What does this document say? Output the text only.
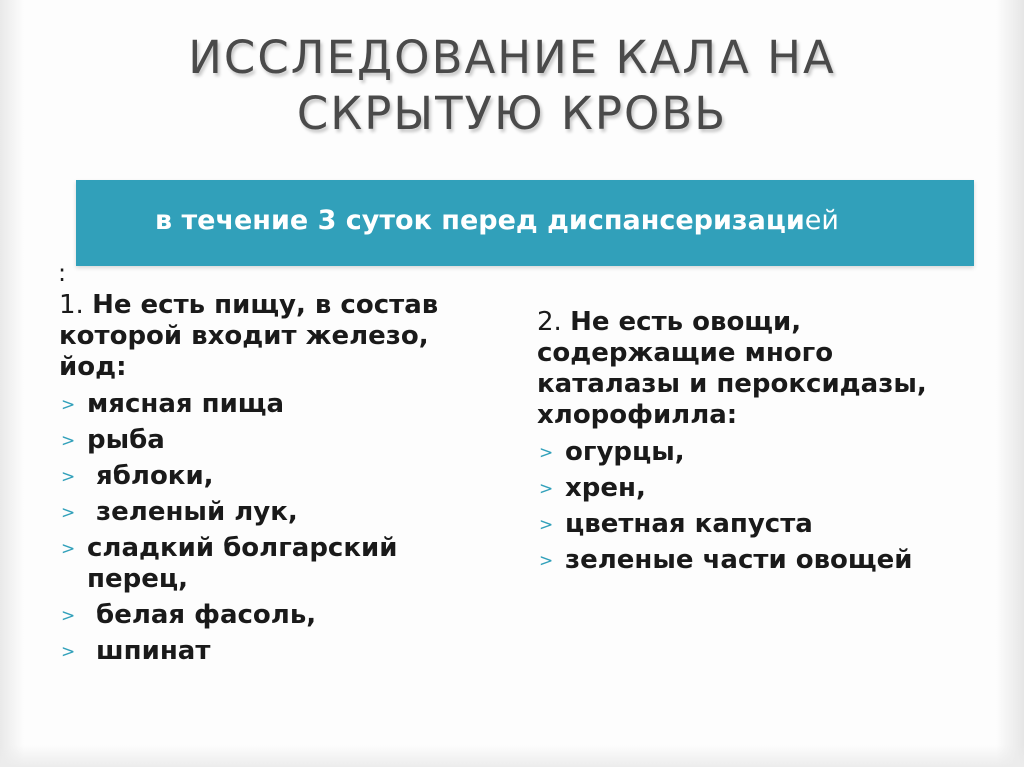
ИССЛЕДОВАНИЕ КАЛА НА
СКРЫТУЮ КРОВЬ
в течение 3 суток перед диспансеризацией
:

1. Не есть пищу, в состав которой входит железо, йод:

> мясная пища
> рыба
> яблоки,
> зеленый лук,
> сладкий болгарский перец,
> белая фасоль,
> шпинат

2. Не есть овощи, содержащие много каталазы и пероксидазы, хлорофилла:

> огурцы,
> хрен,
> цветная капуста
> зеленые части овощей
